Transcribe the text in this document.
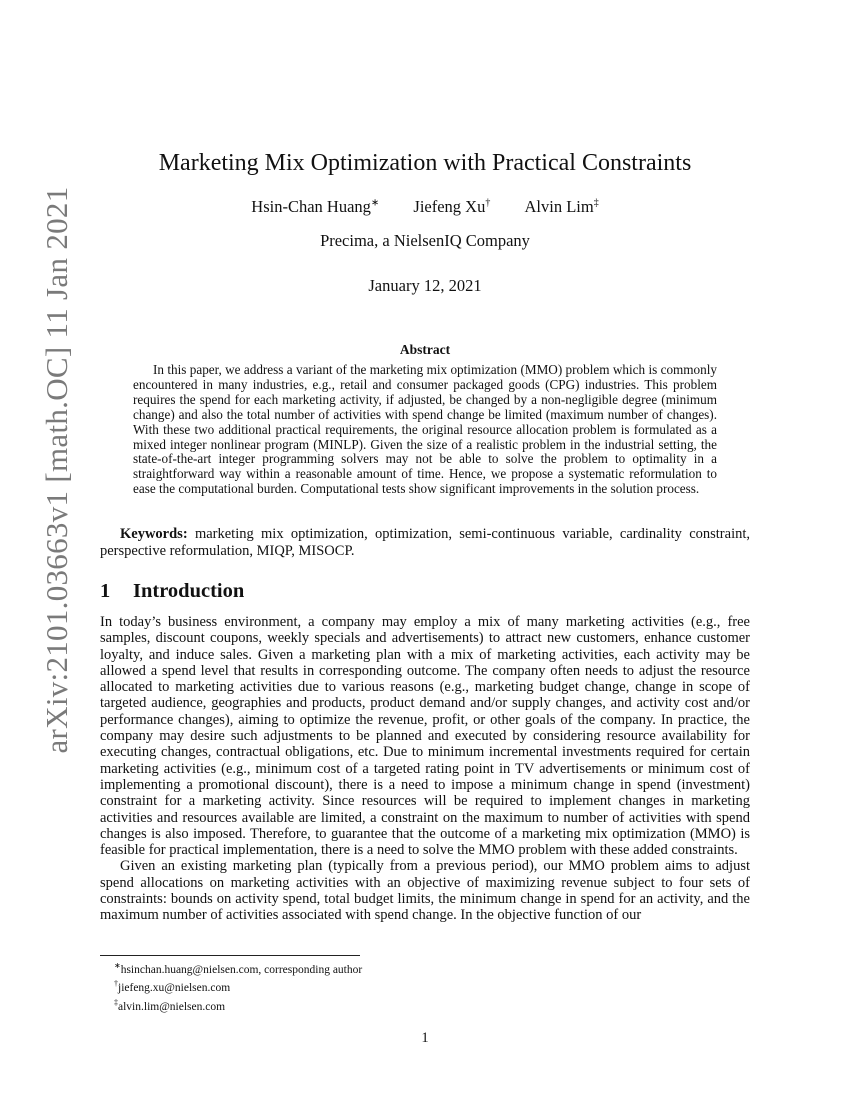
arXiv:2101.03663v1 [math.OC] 11 Jan 2021
Marketing Mix Optimization with Practical Constraints
Hsin-Chan Huang∗ Jiefeng Xu† Alvin Lim‡
Precima, a NielsenIQ Company
January 12, 2021
Abstract

In this paper, we address a variant of the marketing mix optimization (MMO) problem which is commonly encountered in many industries, e.g., retail and consumer packaged goods (CPG) industries. This problem requires the spend for each marketing activity, if adjusted, be changed by a non-negligible degree (minimum change) and also the total number of activities with spend change be limited (maximum number of changes). With these two additional practical requirements, the original resource allocation problem is formulated as a mixed integer nonlinear program (MINLP). Given the size of a realistic problem in the industrial setting, the state-of-the-art integer programming solvers may not be able to solve the problem to optimality in a straightforward way within a reasonable amount of time. Hence, we propose a systematic reformulation to ease the computational burden. Computational tests show significant improvements in the solution process.

Keywords: marketing mix optimization, optimization, semi-continuous variable, cardinality constraint, perspective reformulation, MIQP, MISOCP.

1 Introduction

In today’s business environment, a company may employ a mix of many marketing activities (e.g., free samples, discount coupons, weekly specials and advertisements) to attract new customers, enhance customer loyalty, and induce sales. Given a marketing plan with a mix of marketing activities, each activity may be allowed a spend level that results in corresponding outcome. The company often needs to adjust the resource allocated to marketing activities due to various reasons (e.g., marketing budget change, change in scope of targeted audience, geographies and products, product demand and/or supply changes, and activity cost and/or performance changes), aiming to optimize the revenue, profit, or other goals of the company. In practice, the company may desire such adjustments to be planned and executed by considering resource availability for executing changes, contractual obligations, etc. Due to minimum incremental investments required for certain marketing activities (e.g., minimum cost of a targeted rating point in TV advertisements or minimum cost of implementing a promotional discount), there is a need to impose a minimum change in spend (investment) constraint for a marketing activity. Since resources will be required to implement changes in marketing activities and resources available are limited, a constraint on the maximum to number of activities with spend changes is also imposed. Therefore, to guarantee that the outcome of a marketing mix optimization (MMO) is feasible for practical implementation, there is a need to solve the MMO problem with these added constraints.

Given an existing marketing plan (typically from a previous period), our MMO problem aims to adjust spend allocations on marketing activities with an objective of maximizing revenue subject to four sets of constraints: bounds on activity spend, total budget limits, the minimum change in spend for an activity, and the maximum number of activities associated with spend change. In the objective function of our

∗hsinchan.huang@nielsen.com, corresponding author
†jiefeng.xu@nielsen.com
‡alvin.lim@nielsen.com
1
